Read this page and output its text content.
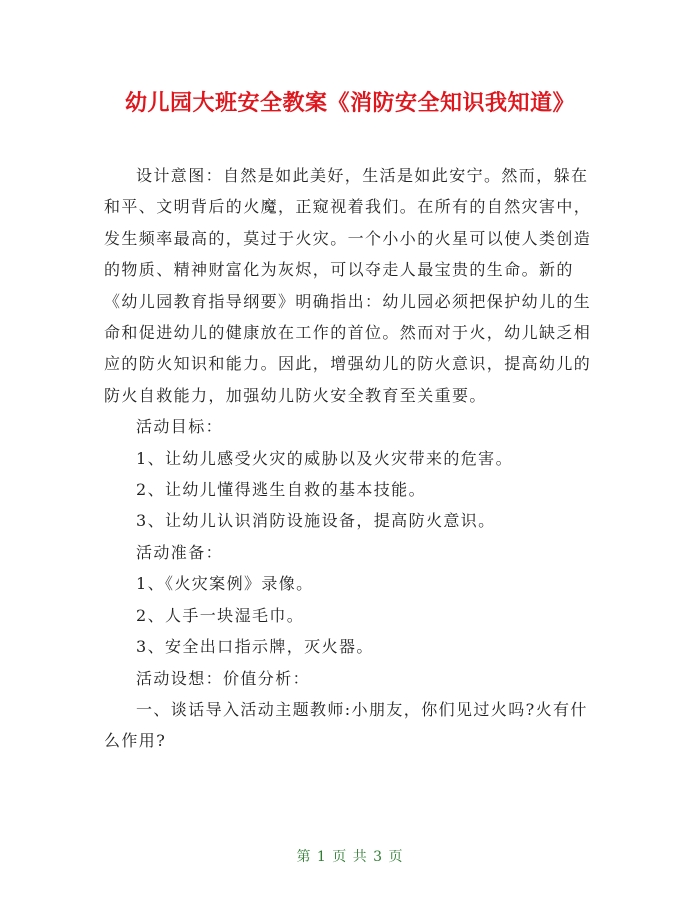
幼儿园大班安全教案《消防安全知识我知道》

设计意图：自然是如此美好，生活是如此安宁。然而，躲在和平、文明背后的火魔，正窥视着我们。在所有的自然灾害中，发生频率最高的，莫过于火灾。一个小小的火星可以使人类创造的物质、精神财富化为灰烬，可以夺走人最宝贵的生命。新的《幼儿园教育指导纲要》明确指出：幼儿园必须把保护幼儿的生命和促进幼儿的健康放在工作的首位。然而对于火，幼儿缺乏相应的防火知识和能力。因此，增强幼儿的防火意识，提高幼儿的防火自救能力，加强幼儿防火安全教育至关重要。

活动目标：

1、让幼儿感受火灾的威胁以及火灾带来的危害。

2、让幼儿懂得逃生自救的基本技能。

3、让幼儿认识消防设施设备，提高防火意识。

活动准备：

1、《火灾案例》录像。

2、人手一块湿毛巾。

3、安全出口指示牌，灭火器。

活动设想：价值分析：

一、谈话导入活动主题教师:小朋友，你们见过火吗?火有什么作用?

第 1 页 共 3 页
